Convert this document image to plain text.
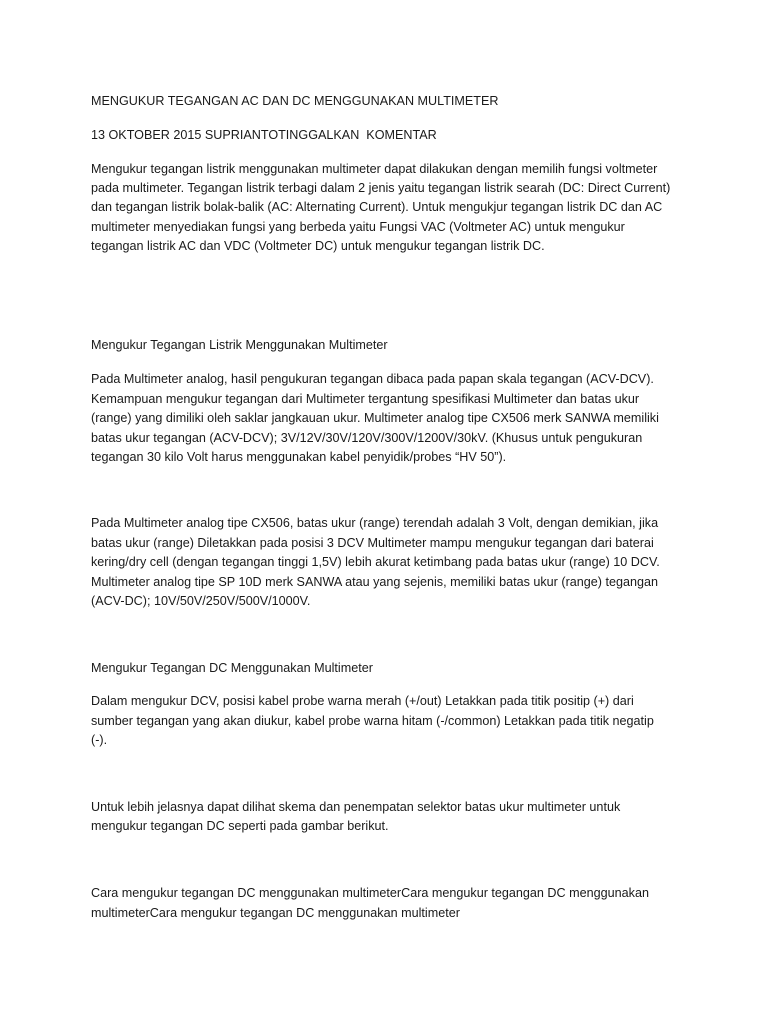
MENGUKUR TEGANGAN AC DAN DC MENGGUNAKAN MULTIMETER

13 OKTOBER 2015 SUPRIANTOTINGGALKAN  KOMENTAR

Mengukur tegangan listrik menggunakan multimeter dapat dilakukan dengan memilih fungsi voltmeter

pada multimeter. Tegangan listrik terbagi dalam 2 jenis yaitu tegangan listrik searah (DC: Direct Current)

dan tegangan listrik bolak-balik (AC: Alternating Current). Untuk mengukjur tegangan listrik DC dan AC

multimeter menyediakan fungsi yang berbeda yaitu Fungsi VAC (Voltmeter AC) untuk mengukur

tegangan listrik AC dan VDC (Voltmeter DC) untuk mengukur tegangan listrik DC.

Mengukur Tegangan Listrik Menggunakan Multimeter

Pada Multimeter analog, hasil pengukuran tegangan dibaca pada papan skala tegangan (ACV-DCV).

Kemampuan mengukur tegangan dari Multimeter tergantung spesifikasi Multimeter dan batas ukur

(range) yang dimiliki oleh saklar jangkauan ukur. Multimeter analog tipe CX506 merk SANWA memiliki

batas ukur tegangan (ACV-DCV); 3V/12V/30V/120V/300V/1200V/30kV. (Khusus untuk pengukuran

tegangan 30 kilo Volt harus menggunakan kabel penyidik/probes “HV 50”).

Pada Multimeter analog tipe CX506, batas ukur (range) terendah adalah 3 Volt, dengan demikian, jika

batas ukur (range) Diletakkan pada posisi 3 DCV Multimeter mampu mengukur tegangan dari baterai

kering/dry cell (dengan tegangan tinggi 1,5V) lebih akurat ketimbang pada batas ukur (range) 10 DCV.

Multimeter analog tipe SP 10D merk SANWA atau yang sejenis, memiliki batas ukur (range) tegangan

(ACV-DC); 10V/50V/250V/500V/1000V.

Mengukur Tegangan DC Menggunakan Multimeter

Dalam mengukur DCV, posisi kabel probe warna merah (+/out) Letakkan pada titik positip (+) dari

sumber tegangan yang akan diukur, kabel probe warna hitam (-/common) Letakkan pada titik negatip

(-).

Untuk lebih jelasnya dapat dilihat skema dan penempatan selektor batas ukur multimeter untuk

mengukur tegangan DC seperti pada gambar berikut.

Cara mengukur tegangan DC menggunakan multimeterCara mengukur tegangan DC menggunakan

multimeterCara mengukur tegangan DC menggunakan multimeter
